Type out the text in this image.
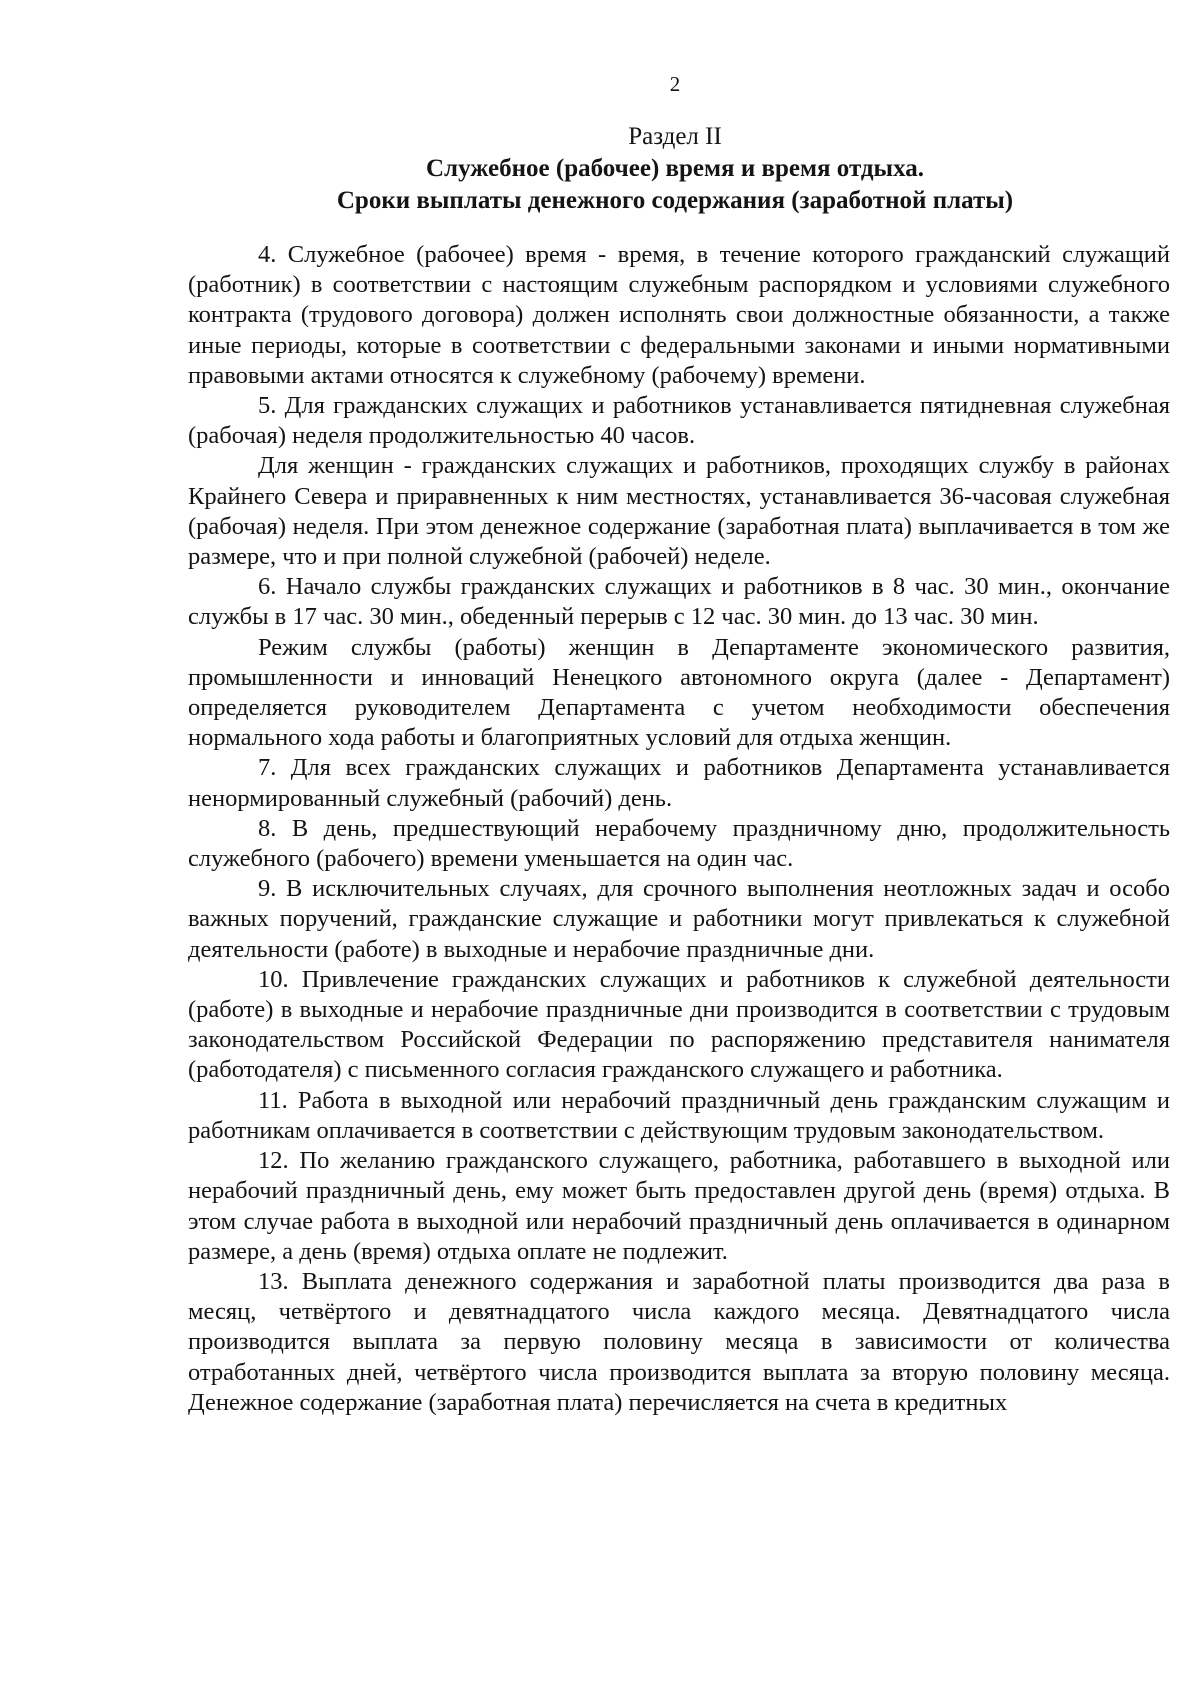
2
Раздел II
Служебное (рабочее) время и время отдыха.
Сроки выплаты денежного содержания (заработной платы)

4. Служебное (рабочее) время - время, в течение которого гражданский служащий (работник) в соответствии с настоящим служебным распорядком и условиями служебного контракта (трудового договора) должен исполнять свои должностные обязанности, а также иные периоды, которые в соответствии с федеральными законами и иными нормативными правовыми актами относятся к служебному (рабочему) времени.

5. Для гражданских служащих и работников устанавливается пятидневная служебная (рабочая) неделя продолжительностью 40 часов.

Для женщин - гражданских служащих и работников, проходящих службу в районах Крайнего Севера и приравненных к ним местностях, устанавливается 36-часовая служебная (рабочая) неделя. При этом денежное содержание (заработная плата) выплачивается в том же размере, что и при полной служебной (рабочей) неделе.

6. Начало службы гражданских служащих и работников в 8 час. 30 мин., окончание службы в 17 час. 30 мин., обеденный перерыв с 12 час. 30 мин. до 13 час. 30 мин.

Режим службы (работы) женщин в Департаменте экономического развития, промышленности и инноваций Ненецкого автономного округа (далее - Департамент) определяется руководителем Департамента с учетом необходимости обеспечения нормального хода работы и благоприятных условий для отдыха женщин.

7. Для всех гражданских служащих и работников Департамента устанавливается ненормированный служебный (рабочий) день.

8. В день, предшествующий нерабочему праздничному дню, продолжительность служебного (рабочего) времени уменьшается на один час.

9. В исключительных случаях, для срочного выполнения неотложных задач и особо важных поручений, гражданские служащие и работники могут привлекаться к служебной деятельности (работе) в выходные и нерабочие праздничные дни.

10. Привлечение гражданских служащих и работников к служебной деятельности (работе) в выходные и нерабочие праздничные дни производится в соответствии с трудовым законодательством Российской Федерации по распоряжению представителя нанимателя (работодателя) с письменного согласия гражданского служащего и работника.

11. Работа в выходной или нерабочий праздничный день гражданским служащим и работникам оплачивается в соответствии с действующим трудовым законодательством.

12. По желанию гражданского служащего, работника, работавшего в выходной или нерабочий праздничный день, ему может быть предоставлен другой день (время) отдыха. В этом случае работа в выходной или нерабочий праздничный день оплачивается в одинарном размере, а день (время) отдыха оплате не подлежит.

13. Выплата денежного содержания и заработной платы производится два раза в месяц, четвёртого и девятнадцатого числа каждого месяца. Девятнадцатого числа производится выплата за первую половину месяца в зависимости от количества отработанных дней, четвёртого числа производится выплата за вторую половину месяца. Денежное содержание (заработная плата) перечисляется на счета в кредитных
